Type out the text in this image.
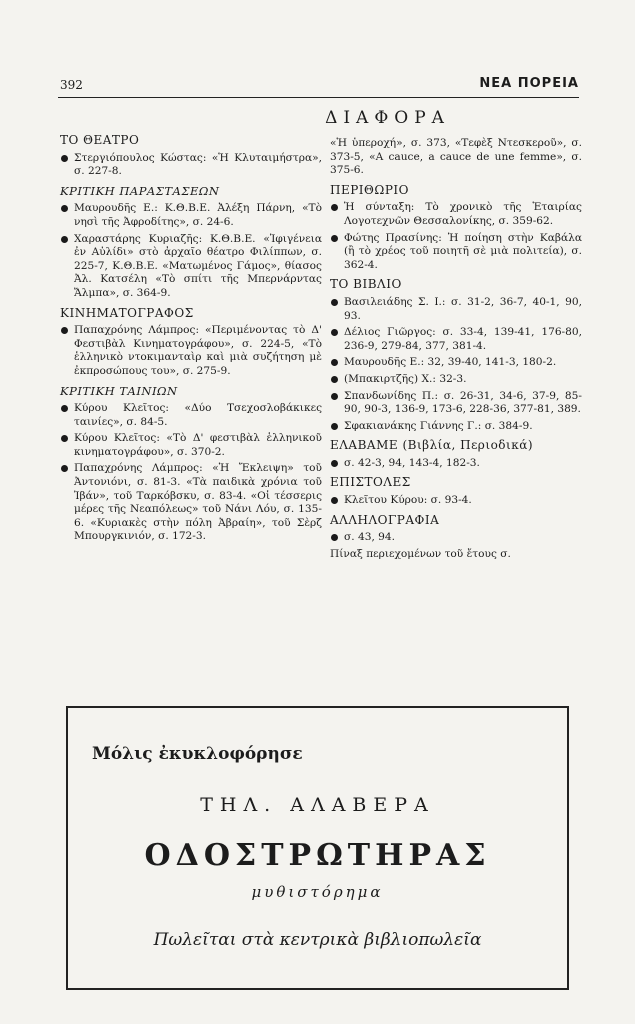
392	ΝΕΑ ΠΟΡΕΙΑ
ΔΙΑΦΟΡΑ
ΤΟ ΘΕΑΤΡΟ
Στεργιόπουλος Κώστας: «Ἡ Κλυταιμήστρα», σ. 227-8.
ΚΡΙΤΙΚΗ ΠΑΡΑΣΤΑΣΕΩΝ
Μαυρουδῆς Ε.: Κ.Θ.Β.Ε. Ἀλέξη Πάρνη, «Τὸ νησὶ τῆς Ἀφροδίτης», σ. 24-6.
Χαραστάρης Κυριαζῆς: Κ.Θ.Β.Ε. «Ἰφιγένεια ἐν Αὐλίδι» στὸ ἀρχαῖο θέατρο Φιλίππων, σ. 225-7, Κ.Θ.Β.Ε. «Ματωμένος Γάμος», θίασος Ἀλ. Κατσέλη «Τὸ σπίτι τῆς Μπερνάρντας Ἄλμπα», σ. 364-9.
ΚΙΝΗΜΑΤΟΓΡΑΦΟΣ
Παπαχρόνης Λάμπρος: «Περιμένοντας τὸ Δ' Φεστιβὰλ Κινηματογράφου», σ. 224-5, «Τὸ ἑλληνικὸ ντοκιμανταὶρ καὶ μιὰ συζήτηση μὲ ἐκπροσώπους του», σ. 275-9.
ΚΡΙΤΙΚΗ ΤΑΙΝΙΩΝ
Κύρου Κλεῖτος: «Δύο Τσεχοσλοβάκικες ταινίες», σ. 84-5.
Κύρου Κλεῖτος: «Τὸ Δ' φεστιβὰλ ἑλληνικοῦ κινηματογράφου», σ. 370-2.
Παπαχρόνης Λάμπρος: «Ἡ Ἔκλειψη» τοῦ Ἀντονιόνι, σ. 81-3. «Τὰ παιδικὰ χρόνια τοῦ Ἰβάν», τοῦ Ταρκόβσκυ, σ. 83-4. «Οἱ τέσσερις μέρες τῆς Νεαπόλεως» τοῦ Νάνι Λόυ, σ. 135-6. «Κυριακὲς στὴν πόλη Ἀβραίη», τοῦ Σὲρζ Μπουργκινιόν, σ. 172-3.
«Ἡ ὑπεροχή», σ. 373, «Τεφὲξ Ντεσκεροῦ», σ. 373-5, «A cauce, a cauce de une femme», σ. 375-6.
ΠΕΡΙΘΩΡΙΟ
Ἡ σύνταξη: Τὸ χρονικὸ τῆς Ἑταιρίας Λογοτεχνῶν Θεσσαλονίκης, σ. 359-62.
Φώτης Πρασίνης: Ἡ ποίηση στὴν Καβάλα (ἢ τὸ χρέος τοῦ ποιητῆ σὲ μιὰ πολιτεία), σ. 362-4.
ΤΟ ΒΙΒΛΙΟ
Βασιλειάδης Σ. Ι.: σ. 31-2, 36-7, 40-1, 90, 93.
Δέλιος Γιῶργος: σ. 33-4, 139-41, 176-80, 236-9, 279-84, 377, 381-4.
Μαυρουδῆς Ε.: 32, 39-40, 141-3, 180-2.
(Μπακιρτζῆς) Χ.: 32-3.
Σπανδωνίδης Π.: σ. 26-31, 34-6, 37-9, 85-90, 90-3, 136-9, 173-6, 228-36, 377-81, 389.
Σφακιανάκης Γιάννης Γ.: σ. 384-9.
ΕΛΑΒΑΜΕ (Βιβλία, Περιοδικά)
σ. 42-3, 94, 143-4, 182-3.
ΕΠΙΣΤΟΛΕΣ
Κλεῖτου Κύρου: σ. 93-4.
ΑΛΛΗΛΟΓΡΑΦΙΑ
σ. 43, 94.
Πίναξ περιεχομένων τοῦ ἔτους σ.
Μόλις ἐκυκλοφόρησε
ΤΗΛ. ΑΛΑΒΕΡΑ
ΟΔΟΣΤΡΩΤΗΡΑΣ
μυθιστόρημα
Πωλεῖται στὰ κεντρικὰ βιβλιοπωλεῖα
